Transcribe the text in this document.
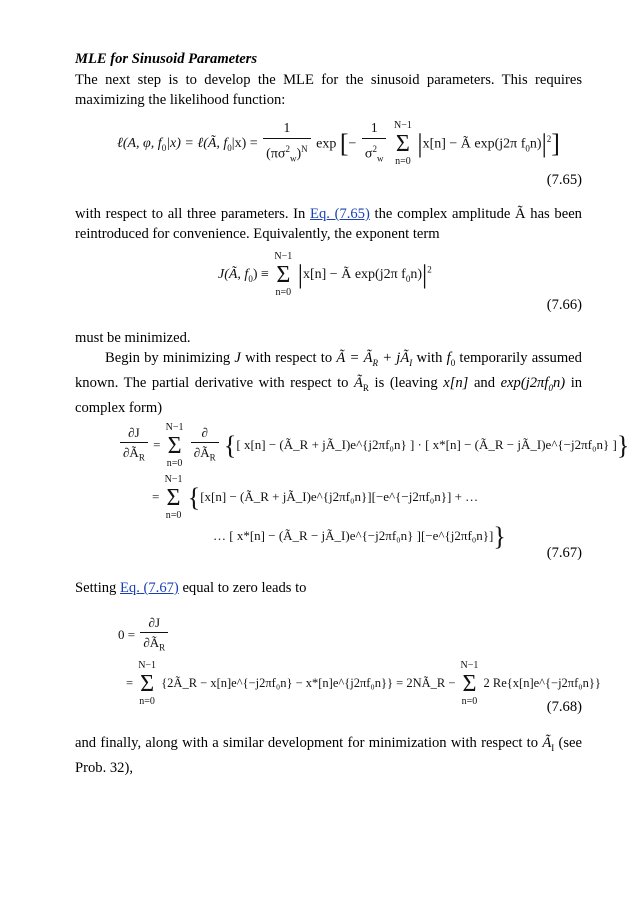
MLE for Sinusoid Parameters
The next step is to develop the MLE for the sinusoid parameters. This requires maximizing the likelihood function:
ℓ(A, φ, $f_0|x$) = ℓ(Ã, $f_0|x) = \frac{1}{(\pi\sigma^2_w)^N}$ exp [− $\frac{1}{\sigma^2_w}$
N−1
Σ
n=0
|x[n] − Ã exp(j2π $f_0n)|^2$]
(7.65)
with respect to all three parameters. In Eq. (7.65) the complex amplitude Ã has been reintroduced for convenience. Equivalently, the exponent term
J(Ã, $f_0$) ≡
N−1
Σ
n=0
|x[n] − Ã exp(j2π $f_0n)|^2$
(7.66)
must be minimized.
Begin by minimizing J with respect to Ã = $Ã_R$ + $jÃ_I$ with $f_0$ temporarily assumed known. The partial derivative with respect to $Ã_R$ is (leaving x[n] and $\exp(j2\pi f_0n)$ in complex form)
$\frac{\partial J}{\partial Ã_R}$ =
N−1
Σ
n=0
$\frac{\partial}{\partial Ã_R}$ {[ x[n] − (Ã_R + jÃ_I)e^{j2πf₀n} ] · [ x*[n] − (Ã_R − jÃ_I)e^{−j2πf₀n} ]}
=
N−1
Σ
n=0
{[x[n] − (Ã_R + jÃ_I)e^{j2πf₀n}][−e^{−j2πf₀n}] + …
… [ x*[n] − (Ã_R − jÃ_I)e^{−j2πf₀n} ][−e^{j2πf₀n}]}
(7.67)
Setting Eq. (7.67) equal to zero leads to
$0 = \frac{\partial J}{\partial Ã_R}$
=
N−1
Σ
n=0
{2Ã_R − x[n]e^{−j2πf₀n} − x*[n]e^{j2πf₀n}} = 2NÃ_R −
N−1
Σ
n=0
2 Re{x[n]e^{−j2πf₀n}}
(7.68)
and finally, along with a similar development for minimization with respect to $Ã_I$ (see Prob. 32),
